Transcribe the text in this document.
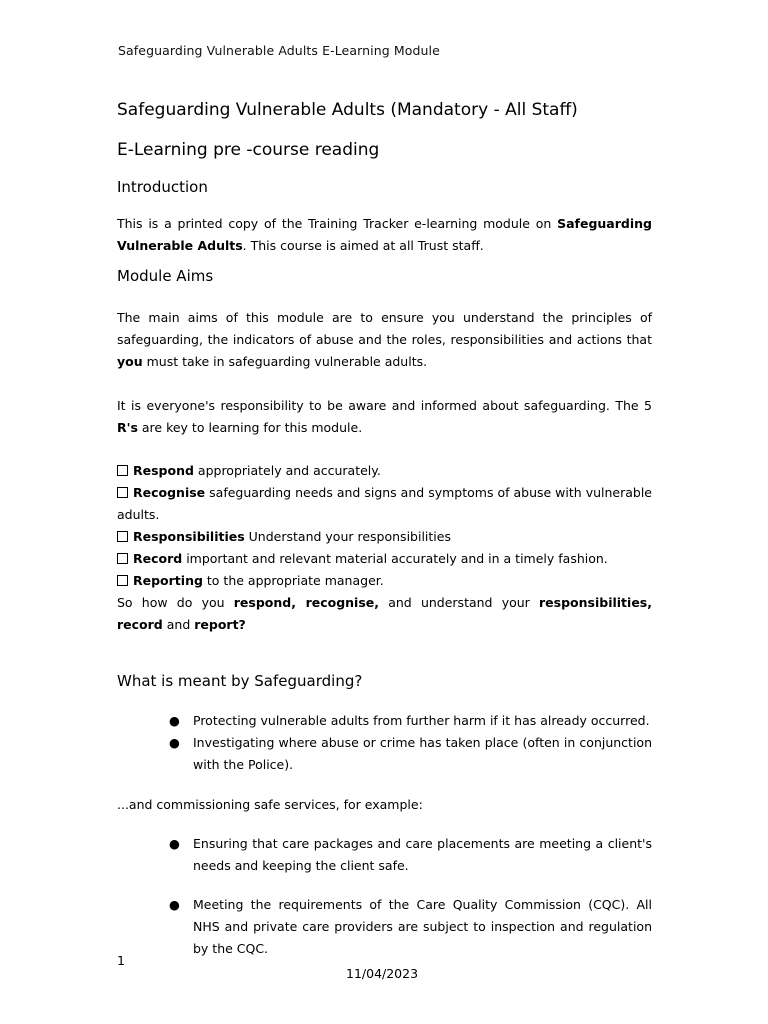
Safeguarding Vulnerable Adults E-Learning Module
Safeguarding Vulnerable Adults (Mandatory - All Staff)
E-Learning pre -course reading
Introduction

This is a printed copy of the Training Tracker e-learning module on Safeguarding Vulnerable Adults. This course is aimed at all Trust staff.

Module Aims

The main aims of this module are to ensure you understand the principles of safeguarding, the indicators of abuse and the roles, responsibilities and actions that you must take in safeguarding vulnerable adults.

It is everyone's responsibility to be aware and informed about safeguarding. The 5 R's are key to learning for this module.

Respond appropriately and accurately.

Recognise safeguarding needs and signs and symptoms of abuse with vulnerable adults.

Responsibilities Understand your responsibilities

Record important and relevant material accurately and in a timely fashion.

Reporting to the appropriate manager.

So how do you respond, recognise, and understand your responsibilities, record and report?

What is meant by Safeguarding?
● Protecting vulnerable adults from further harm if it has already occurred.
● Investigating where abuse or crime has taken place (often in conjunction with the Police).

...and commissioning safe services, for example:

● Ensuring that care packages and care placements are meeting a client's needs and keeping the client safe.
● Meeting the requirements of the Care Quality Commission (CQC). All NHS and private care providers are subject to inspection and regulation by the CQC.
1
11/04/2023
